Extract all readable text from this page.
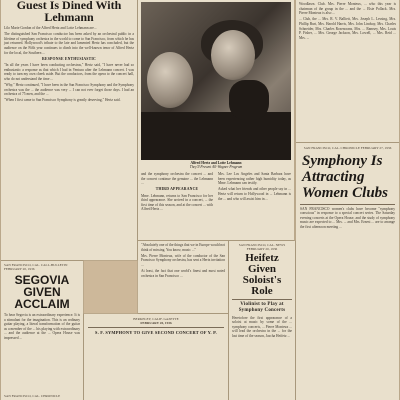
Guest Is Dined With Lehmann

Lilo Marie Gordon of the Alfred Hertz and Lotte Lehmann are...

The distinguished San Francisco conductor has been asked by an orchestral public in a lifetime of symphony orchestra in the world to come to San Francisco, from which he has just returned. Hollywood's tribute to the late and lamented Hertz has concluded, but the audience on the Fifth year continues to climb into the well-known tenor of Alfred Hertz for the local, the Southern ...

RESPONSE ENTHUSIASTIC

"In all the years I have been conducting orchestras," Hertz said, "I have never had so enthusiastic a response as that which I had in Ventura after the Lehmann concert. I was ready to turn my own cheek aside. But the conductors, from the opera to the concert hall, who do not understand the time ...

"Why," Hertz continued, "I have been in the San Francisco Symphony and the Symphony orchestra was the ... the audience was very ... I can not ever forget those days. I had an orchestra of 75 men, and the ...

"When I first came to San Francisco Symphony is greatly deserving," Hertz said.

Alfred Hertz and Lotte Lehmann
They'll Present All-Wagner Program

and the symphony orchestra the concert ... and the concert continue the genuine ... the Lehmann ...

THIRD APPEARANCE

Mme. Lehmann, returns to San Francisco for her third appearance. She arrived in a concert, ... the first time of this season, and at the concert ... with Alfred Hertz ...

Mrs. Lee Los Angeles and Santa Barbara have been experiencing rather high humidity today, as Mme. Lehmann can testify.

Asked what her friends and other people say in ... Hertz will return to Hollywood in ... Lehmann is the ... and who will assist him in ...

"Absolutely one of the things that we in Europe would not think of missing. You know, music ..."

Mrs. Pierre Monteux, wife of the conductor of the San Francisco Symphony orchestra, has sent a Hertz invitation ...

At least, the fact that one world's finest and most noted orchestra in San Francisco ...

Woodlawn. Club. Mrs. Pierre Monteux, ... who this year is chairman of the group in the ... and the ... Elsie Pollack. Mrs. Pierre Monteux is also ...

... Club, the ... Mrs. R. V. Balliett, Mrs. Joseph L. Lessing, Mrs. Phillip Burt, Mrs. Harold Harris, Mrs. John Lindsay, Mrs. Charles Schneider, Mrs. Charles Rosencrans, Mrs. ... Ramsey, Mrs. Louis P. Fisher, ... Mrs. George Jackson, Mrs. Lowell, ... Mrs. Reid ... Mrs. ...

SAN FRANCISCO, CAL. CHRONICLE FEBRUARY 27, 1936
Symphony Is Attracting Women Clubs

SAN FRANCISCO women's clubs have become "symphony conscious" in response to a special concert series. The Saturday evening concerts at the Opera House, and the study of symphony music are expected to ... Mrs. ... and Mrs. Ernest ... are to arrange the first afternoon meeting ...

SAN FRANCISCO, CAL. CALL-BULLETIN FEBRUARY 20, 1936
SEGOVIA GIVEN ACCLAIM

To hear Segovia is an extraordinary experience. It is a stimulant for the imagination. This is an ordinary guitar playing, a literal transformation of the guitar as a member of the ... his playing with extraordinary ... and the audience at the ... Opera House was impressed ...

SAN FRANCISCO, CAL. CHRONICLE
SAN FRANCISCO, CAL. NEWS FEBRUARY 20, 1936
Heifetz Given Soloist's Role
Violinist to Play at Symphony Concerts

Heretofore the first appearance of a soloist at music by some of the ... symphony concerts, ... Pierre Monteux ... will lead the orchestra in the ... for the last time of the season, Jascha Heifetz ...

BERKELEY, CALIF. GAZETTE
FEBRUARY 20, 1936
S. F. SYMPHONY TO GIVE SECOND CONCERT OF Y. P.
